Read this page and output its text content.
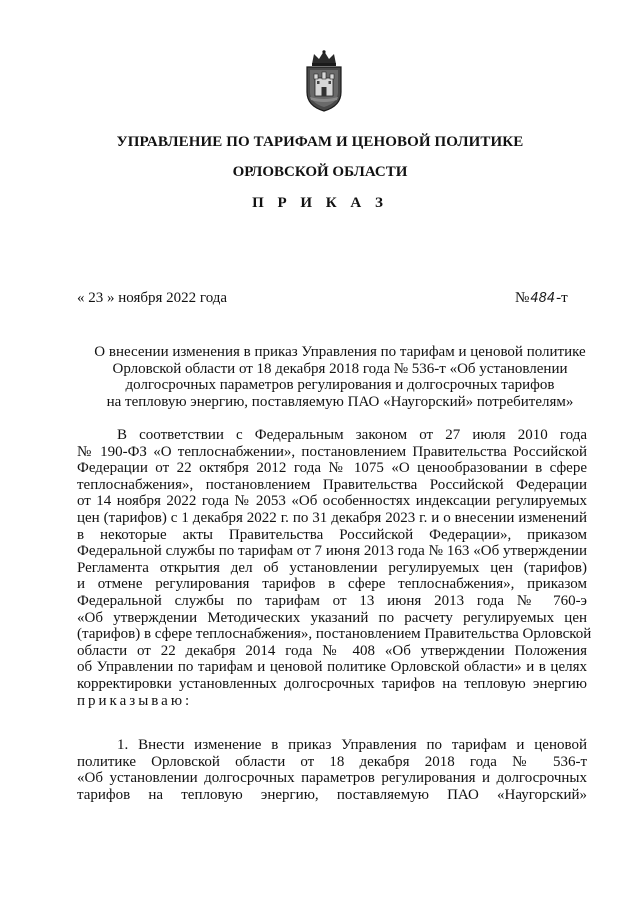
УПРАВЛЕНИЕ ПО ТАРИФАМ И ЦЕНОВОЙ ПОЛИТИКЕ
ОРЛОВСКОЙ ОБЛАСТИ
П Р И К А З
« 23 » ноября 2022 года	№484-т
О внесении изменения в приказ Управления по тарифам и ценовой политике
Орловской области от 18 декабря 2018 года № 536-т «Об установлении
долгосрочных параметров регулирования и долгосрочных тарифов
на тепловую энергию, поставляемую ПАО «Наугорский» потребителям»
В соответствии с Федеральным законом от 27 июля 2010 года
№ 190-ФЗ «О теплоснабжении», постановлением Правительства Российской
Федерации от 22 октября 2012 года № 1075 «О ценообразовании в сфере
теплоснабжения», постановлением Правительства Российской Федерации
от 14 ноября 2022 года № 2053 «Об особенностях индексации регулируемых
цен (тарифов) с 1 декабря 2022 г. по 31 декабря 2023 г. и о внесении изменений
в некоторые акты Правительства Российской Федерации», приказом
Федеральной службы по тарифам от 7 июня 2013 года № 163 «Об утверждении
Регламента открытия дел об установлении регулируемых цен (тарифов)
и отмене регулирования тарифов в сфере теплоснабжения», приказом
Федеральной службы по тарифам от 13 июня 2013 года № 760-э
«Об утверждении Методических указаний по расчету регулируемых цен
(тарифов) в сфере теплоснабжения», постановлением Правительства Орловской
области от 22 декабря 2014 года № 408 «Об утверждении Положения
об Управлении по тарифам и ценовой политике Орловской области» и в целях
корректировки установленных долгосрочных тарифов на тепловую энергию
приказываю:
1. Внести изменение в приказ Управления по тарифам и ценовой
политике Орловской области от 18 декабря 2018 года № 536-т
«Об установлении долгосрочных параметров регулирования и долгосрочных
тарифов на тепловую энергию, поставляемую ПАО «Наугорский»
